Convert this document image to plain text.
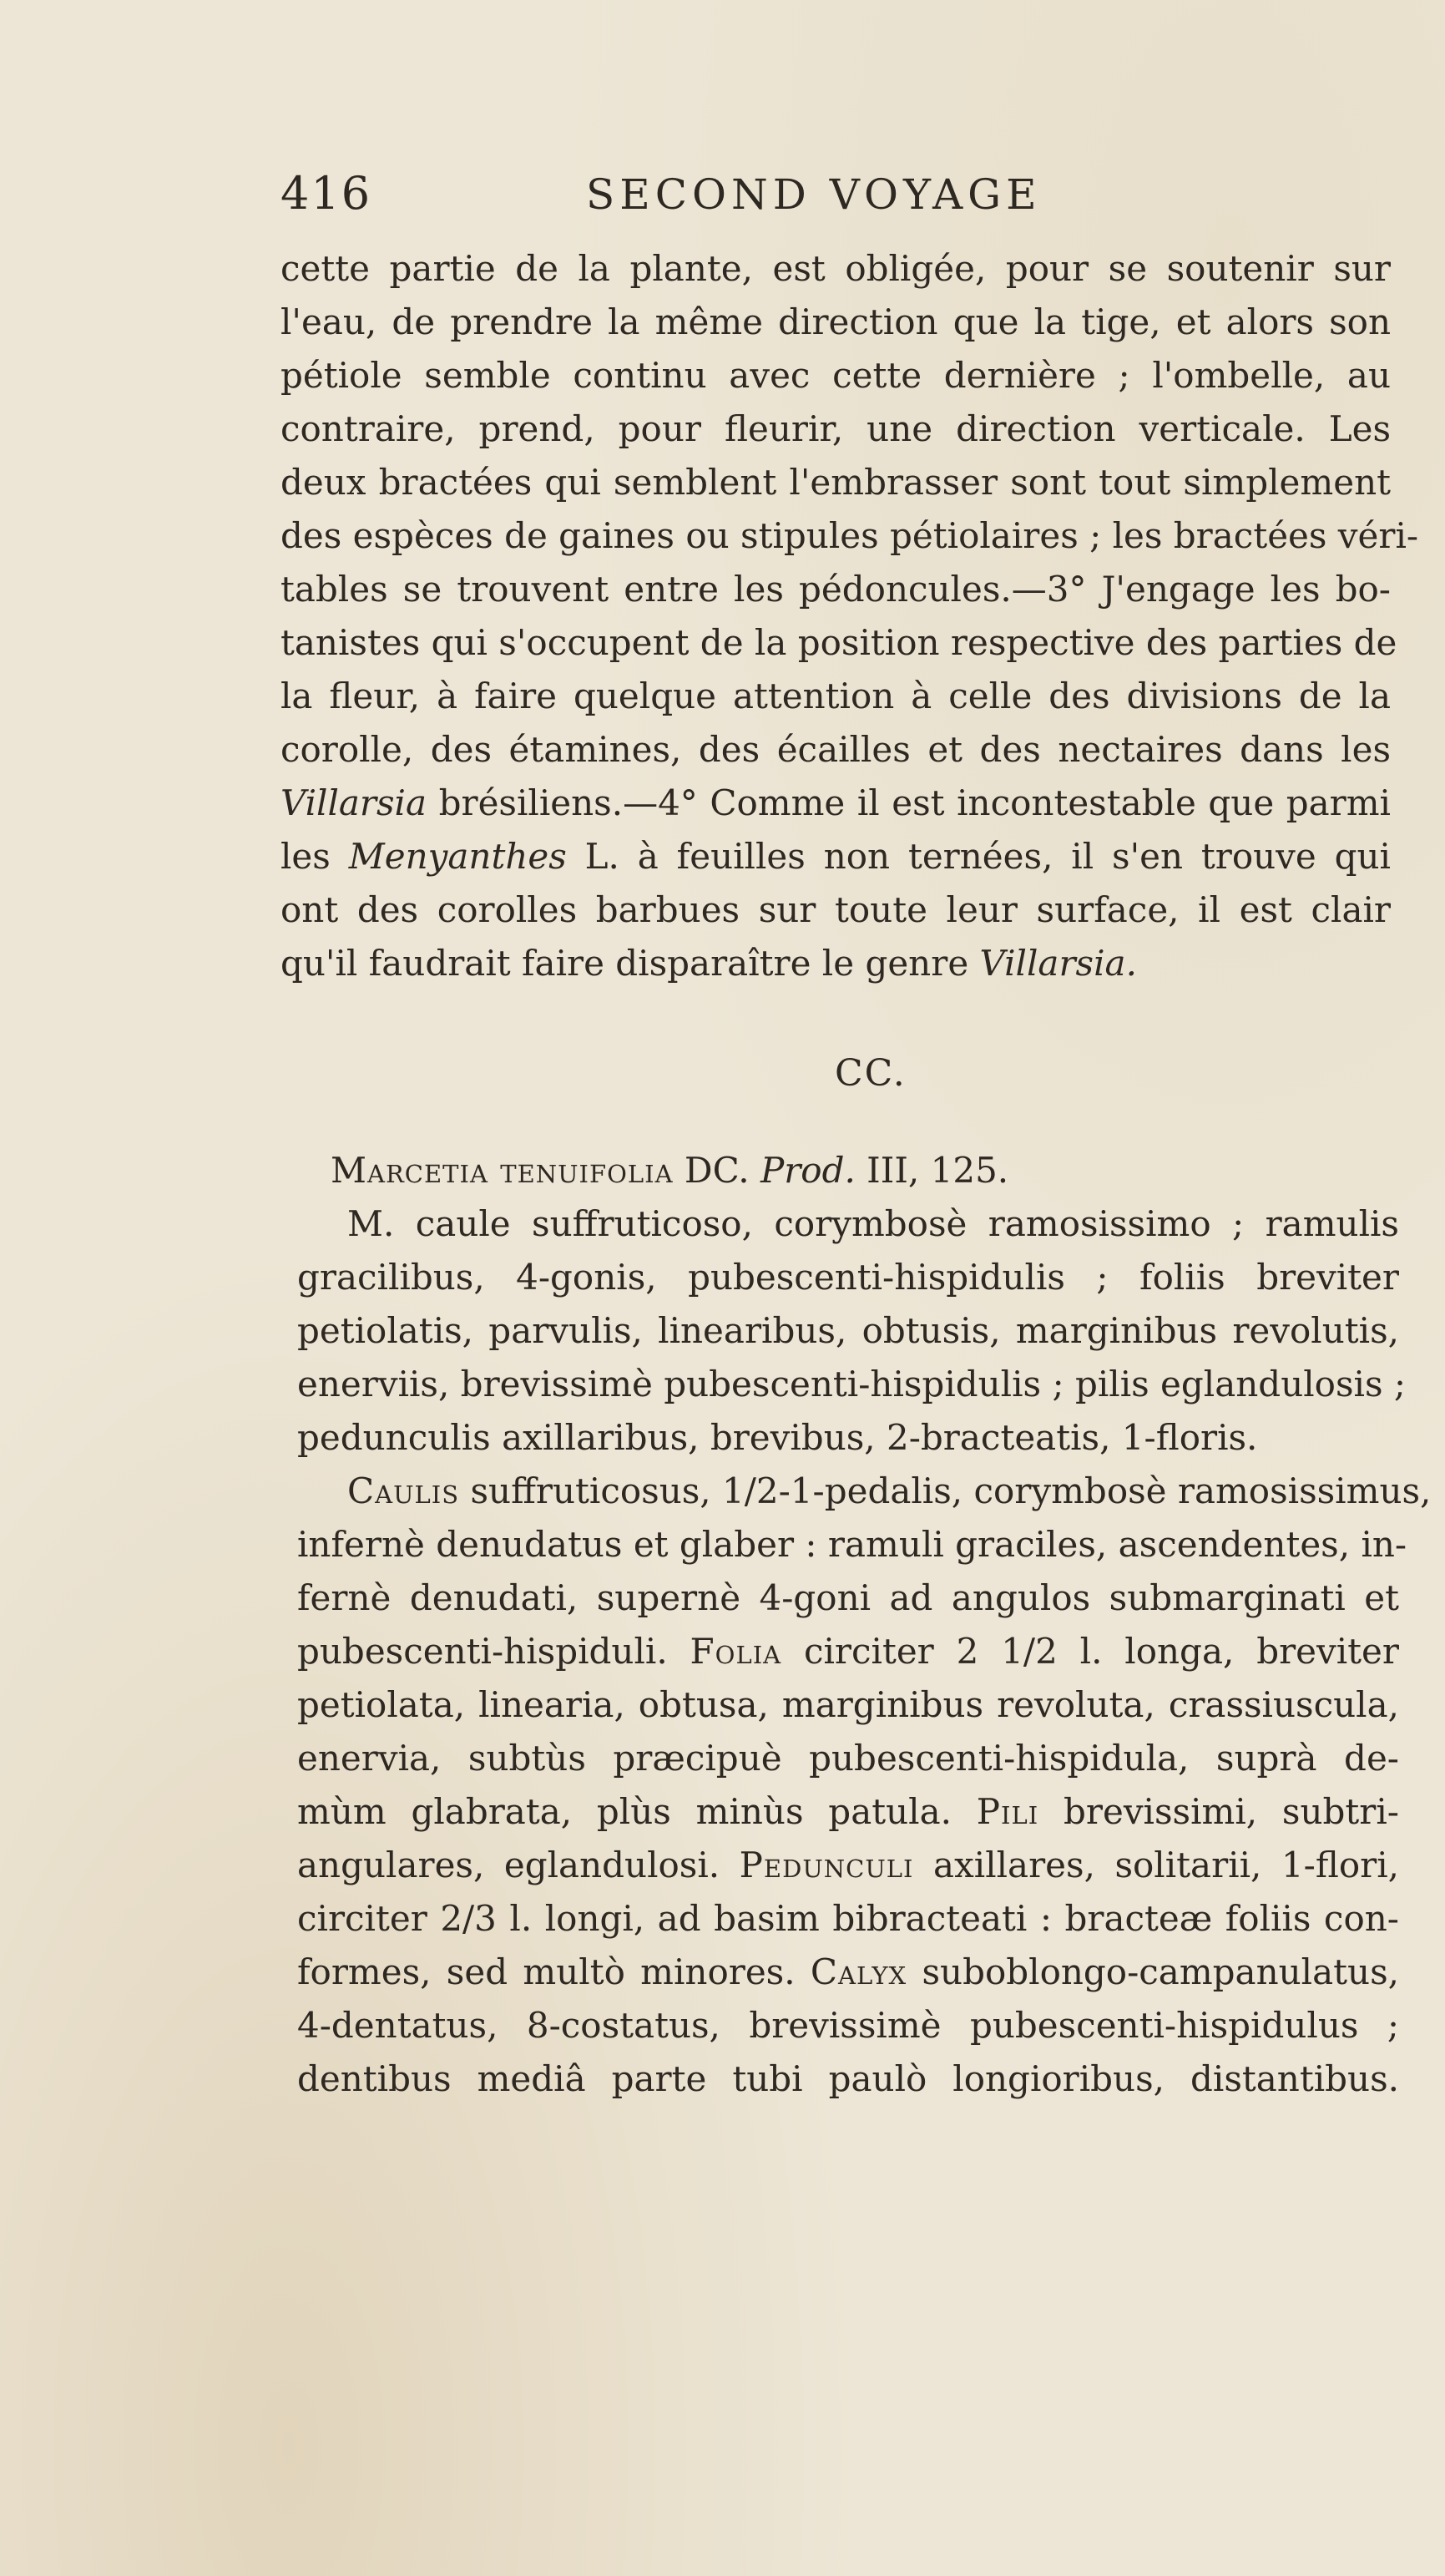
416	SECOND VOYAGE
cette partie de la plante, est obligée, pour se soutenir sur
l'eau, de prendre la même direction que la tige, et alors son
pétiole semble continu avec cette dernière ; l'ombelle, au
contraire, prend, pour fleurir, une direction verticale. Les
deux bractées qui semblent l'embrasser sont tout simplement
des espèces de gaines ou stipules pétiolaires ; les bractées véri-
tables se trouvent entre les pédoncules.—3° J'engage les bo-
tanistes qui s'occupent de la position respective des parties de
la fleur, à faire quelque attention à celle des divisions de la
corolle, des étamines, des écailles et des nectaires dans les
Villarsia brésiliens.—4° Comme il est incontestable que parmi
les Menyanthes L. à feuilles non ternées, il s'en trouve qui
ont des corolles barbues sur toute leur surface, il est clair
qu'il faudrait faire disparaître le genre Villarsia.
CC.
Marcetia tenuifolia DC. Prod. III, 125.
M. caule suffruticoso, corymbosè ramosissimo ; ramulis
gracilibus, 4-gonis, pubescenti-hispidulis ; foliis breviter
petiolatis, parvulis, linearibus, obtusis, marginibus revolutis,
enerviis, brevissimè pubescenti-hispidulis ; pilis eglandulosis ;
pedunculis axillaribus, brevibus, 2-bracteatis, 1-floris.
Caulis suffruticosus, 1/2-1-pedalis, corymbosè ramosissimus,
infernè denudatus et glaber : ramuli graciles, ascendentes, in-
fernè denudati, supernè 4-goni ad angulos submarginati et
pubescenti-hispiduli. Folia circiter 2 1/2 l. longa, breviter
petiolata, linearia, obtusa, marginibus revoluta, crassiuscula,
enervia, subtùs præcipuè pubescenti-hispidula, suprà de-
mùm glabrata, plùs minùs patula. Pili brevissimi, subtri-
angulares, eglandulosi. Pedunculi axillares, solitarii, 1-flori,
circiter 2/3 l. longi, ad basim bibracteati : bracteæ foliis con-
formes, sed multò minores. Calyx suboblongo-campanulatus,
4-dentatus, 8-costatus, brevissimè pubescenti-hispidulus ;
dentibus mediâ parte tubi paulò longioribus, distantibus.
